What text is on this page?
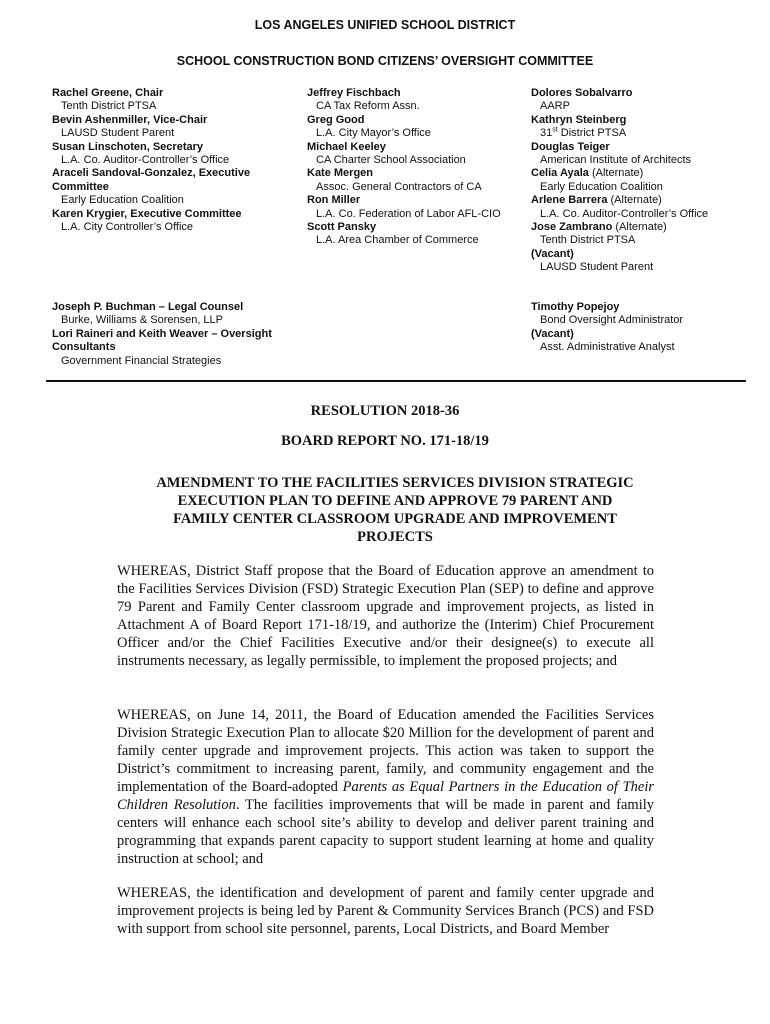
LOS ANGELES UNIFIED SCHOOL DISTRICT
SCHOOL CONSTRUCTION BOND CITIZENS’ OVERSIGHT COMMITTEE
Rachel Greene, Chair
Tenth District PTSA
Bevin Ashenmiller, Vice-Chair
LAUSD Student Parent
Susan Linschoten, Secretary
L.A. Co. Auditor-Controller’s Office
Araceli Sandoval-Gonzalez, Executive Committee
Early Education Coalition
Karen Krygier, Executive Committee
L.A. City Controller’s Office
Jeffrey Fischbach
CA Tax Reform Assn.
Greg Good
L.A. City Mayor’s Office
Michael Keeley
CA Charter School Association
Kate Mergen
Assoc. General Contractors of CA
Ron Miller
L.A. Co. Federation of Labor AFL-CIO
Scott Pansky
L.A. Area Chamber of Commerce
Dolores Sobalvarro
AARP
Kathryn Steinberg
31st District PTSA
Douglas Teiger
American Institute of Architects
Celia Ayala (Alternate)
Early Education Coalition
Arlene Barrera (Alternate)
L.A. Co. Auditor-Controller’s Office
Jose Zambrano (Alternate)
Tenth District PTSA
(Vacant)
LAUSD Student Parent
Joseph P. Buchman – Legal Counsel
Burke, Williams & Sorensen, LLP
Lori Raineri and Keith Weaver – Oversight Consultants
Government Financial Strategies
Timothy Popejoy
Bond Oversight Administrator
(Vacant)
Asst. Administrative Analyst
RESOLUTION 2018-36
BOARD REPORT NO. 171-18/19
AMENDMENT TO THE FACILITIES SERVICES DIVISION STRATEGIC EXECUTION PLAN TO DEFINE AND APPROVE 79 PARENT AND FAMILY CENTER CLASSROOM UPGRADE AND IMPROVEMENT PROJECTS
WHEREAS, District Staff propose that the Board of Education approve an amendment to the Facilities Services Division (FSD) Strategic Execution Plan (SEP) to define and approve 79 Parent and Family Center classroom upgrade and improvement projects, as listed in Attachment A of Board Report 171-18/19, and authorize the (Interim) Chief Procurement Officer and/or the Chief Facilities Executive and/or their designee(s) to execute all instruments necessary, as legally permissible, to implement the proposed projects; and
WHEREAS, on June 14, 2011, the Board of Education amended the Facilities Services Division Strategic Execution Plan to allocate $20 Million for the development of parent and family center upgrade and improvement projects. This action was taken to support the District’s commitment to increasing parent, family, and community engagement and the implementation of the Board-adopted Parents as Equal Partners in the Education of Their Children Resolution. The facilities improvements that will be made in parent and family centers will enhance each school site’s ability to develop and deliver parent training and programming that expands parent capacity to support student learning at home and quality instruction at school; and
WHEREAS, the identification and development of parent and family center upgrade and improvement projects is being led by Parent & Community Services Branch (PCS) and FSD with support from school site personnel, parents, Local Districts, and Board Member
